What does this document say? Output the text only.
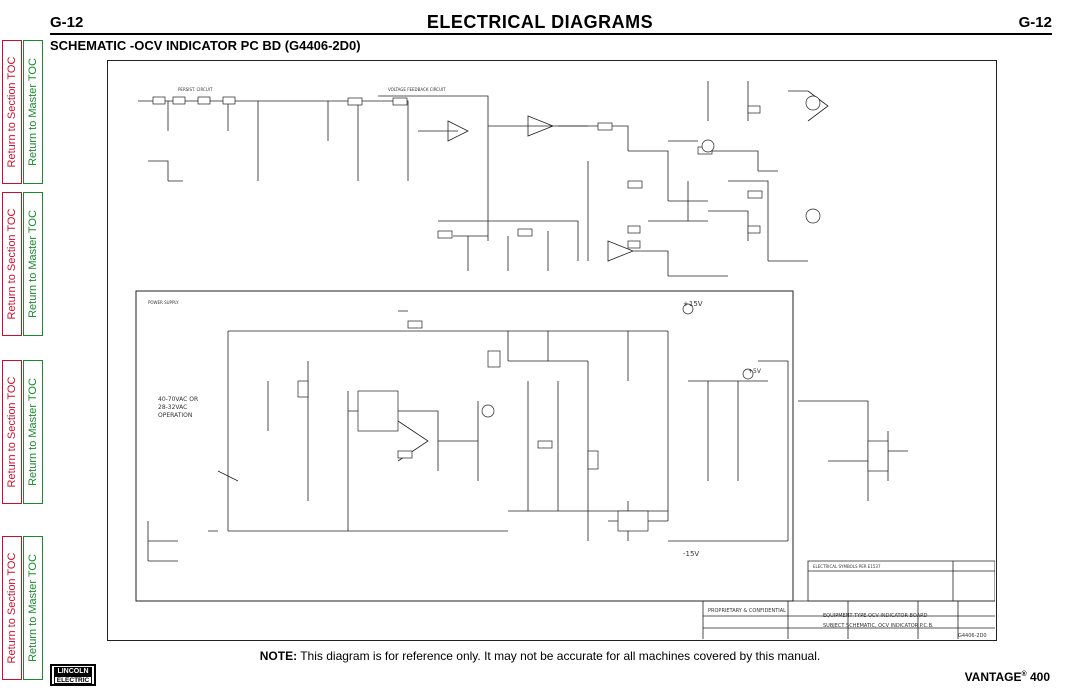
Return to Section TOC Return to Master TOC
Return to Section TOC Return to Master TOC
Return to Section TOC Return to Master TOC
Return to Section TOC Return to Master TOC
G-12	ELECTRICAL DIAGRAMS	G-12
SCHEMATIC -OCV INDICATOR PC BD (G4406-2D0)
PERSIST. CIRCUIT	VOLTAGE FEEDBACK CIRCUIT
POWER SUPPLY	+15V
-15V
+5V
40-70VAC OR
28-32VAC
OPERATION
PROPRIETARY & CONFIDENTIAL
EQUIPMENT TYPE OCV INDICATOR BOARD
SUBJECT SCHEMATIC, OCV INDICATOR P.C.B.
G4406-2D0
ELECTRICAL SYMBOLS PER E1537
NOTE: This diagram is for reference only. It may not be accurate for all machines covered by this manual.
LINCOLN
ELECTRIC	VANTAGE® 400
